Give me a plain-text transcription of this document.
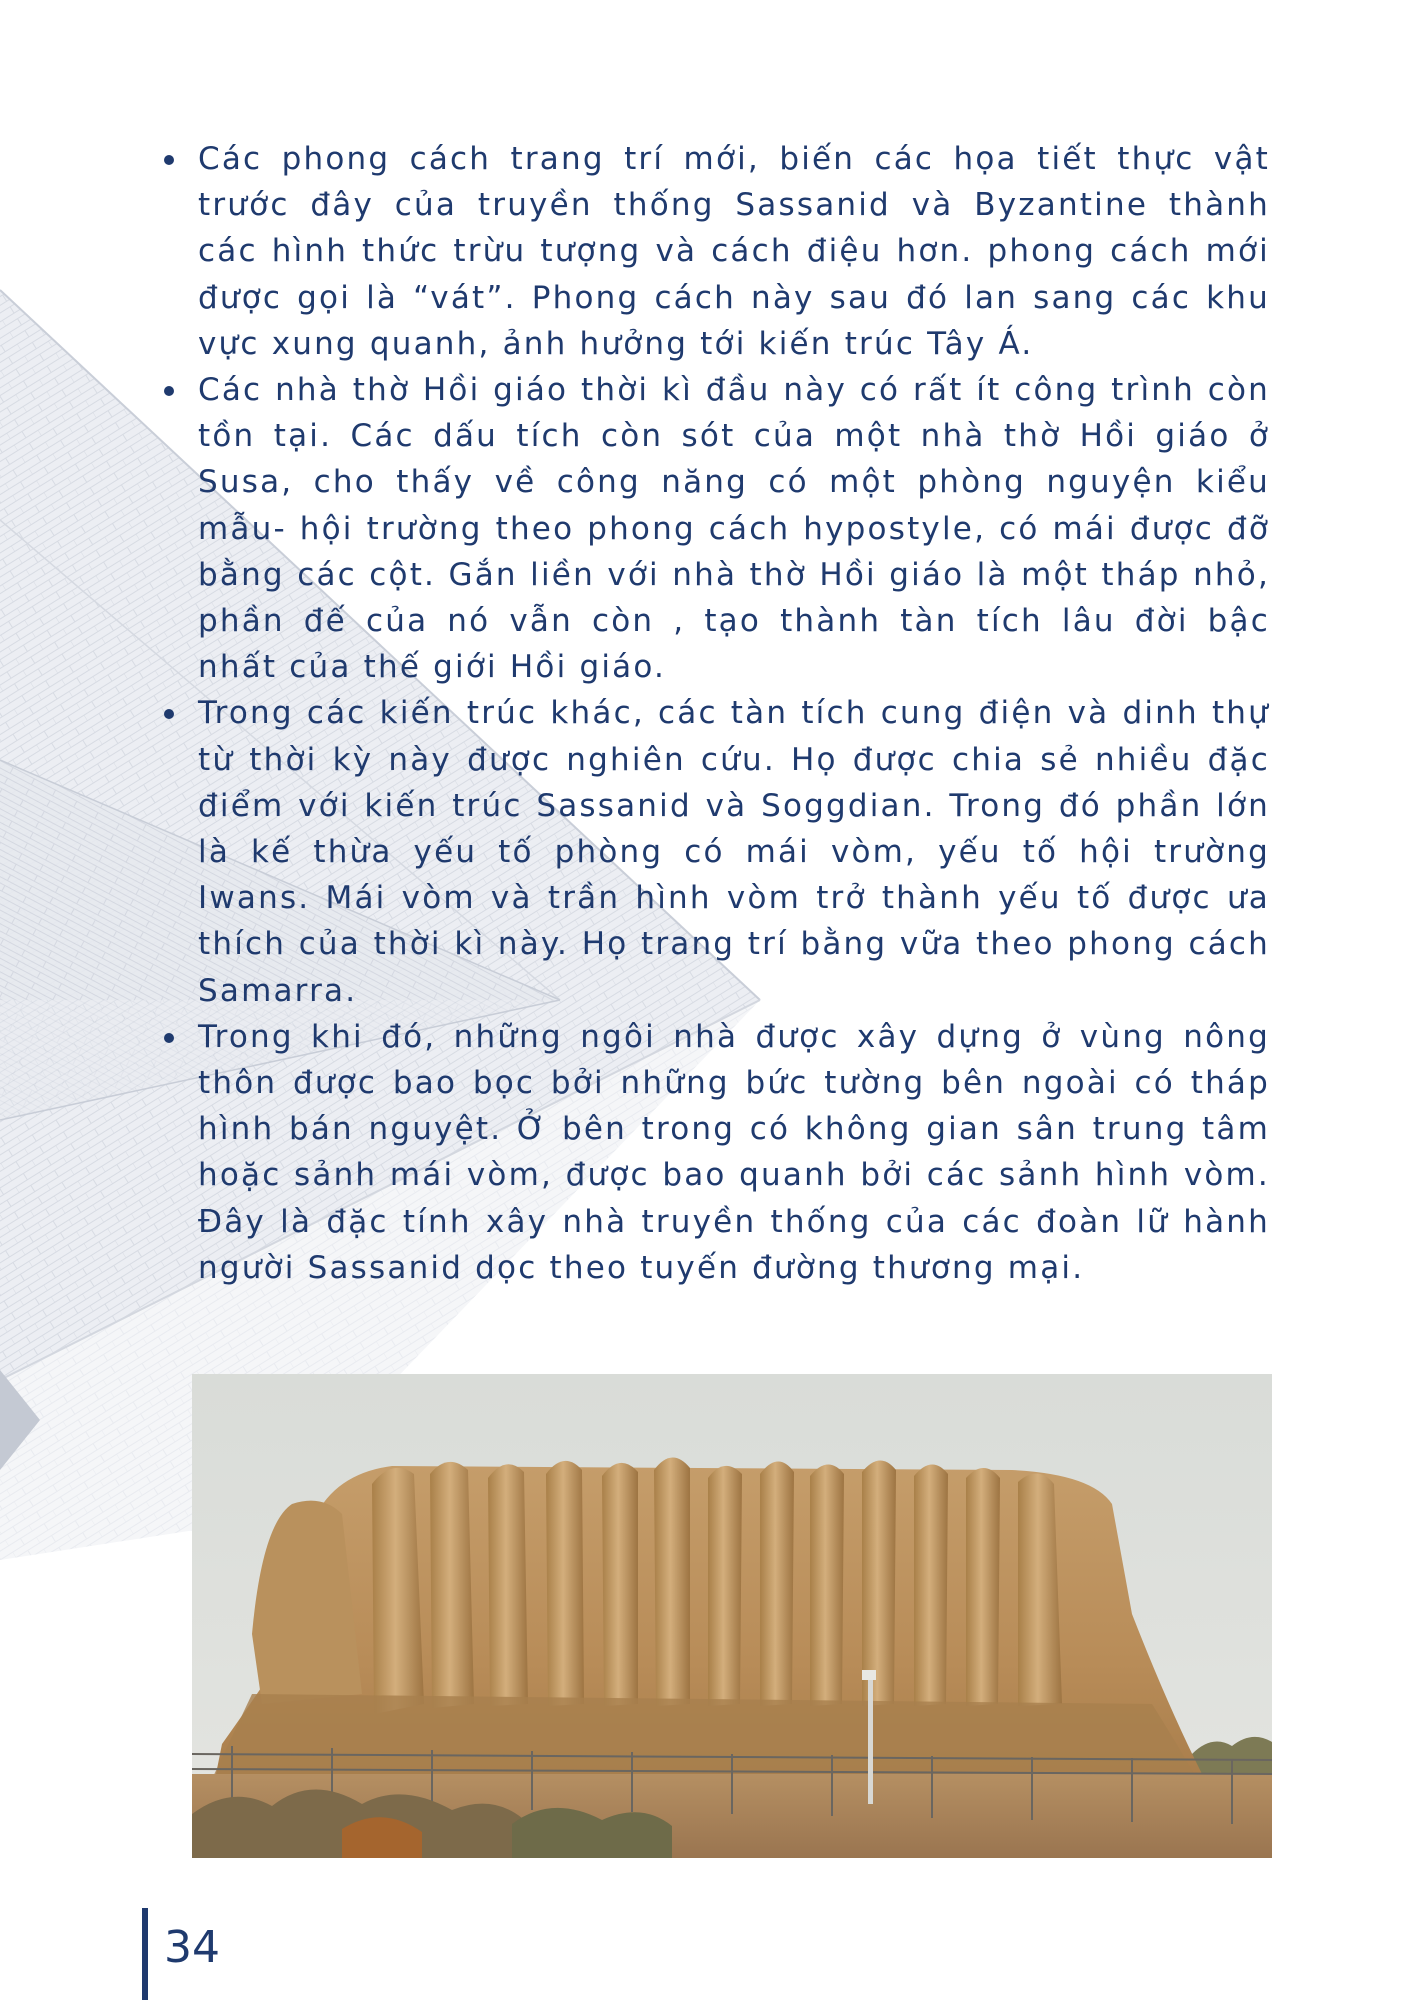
Các phong cách trang trí mới, biến các họa tiết thực vật trước đây của truyền thống Sassanid và Byzantine thành các hình thức trừu tượng và cách điệu hơn. phong cách mới được gọi là “vát”. Phong cách này sau đó lan sang các khu vực xung quanh, ảnh hưởng tới kiến trúc Tây Á.
Các nhà thờ Hồi giáo thời kì đầu này có rất ít công trình còn tồn tại. Các dấu tích còn sót của một nhà thờ Hồi giáo ở Susa, cho thấy về công năng có một phòng nguyện kiểu mẫu- hội trường theo phong cách hypostyle, có mái được đỡ bằng các cột. Gắn liền với nhà thờ Hồi giáo là một tháp nhỏ, phần đế của nó vẫn còn , tạo thành tàn tích lâu đời bậc nhất của thế giới Hồi giáo.
Trong các kiến trúc khác, các tàn tích cung điện và dinh thự từ thời kỳ này được nghiên cứu. Họ được chia sẻ nhiều đặc điểm với kiến trúc Sassanid và Soggdian. Trong đó phần lớn là kế thừa yếu tố phòng có mái vòm, yếu tố hội trường Iwans. Mái vòm và trần hình vòm trở thành yếu tố được ưa thích của thời kì này. Họ trang trí bằng vữa theo phong cách Samarra.
Trong khi đó, những ngôi nhà được xây dựng ở vùng nông thôn được bao bọc bởi những bức tường bên ngoài có tháp hình bán nguyệt. Ở bên trong có không gian sân trung tâm hoặc sảnh mái vòm, được bao quanh bởi các sảnh hình vòm. Đây là đặc tính xây nhà truyền thống của các đoàn lữ hành người Sassanid dọc theo tuyến đường thương mại.
34
